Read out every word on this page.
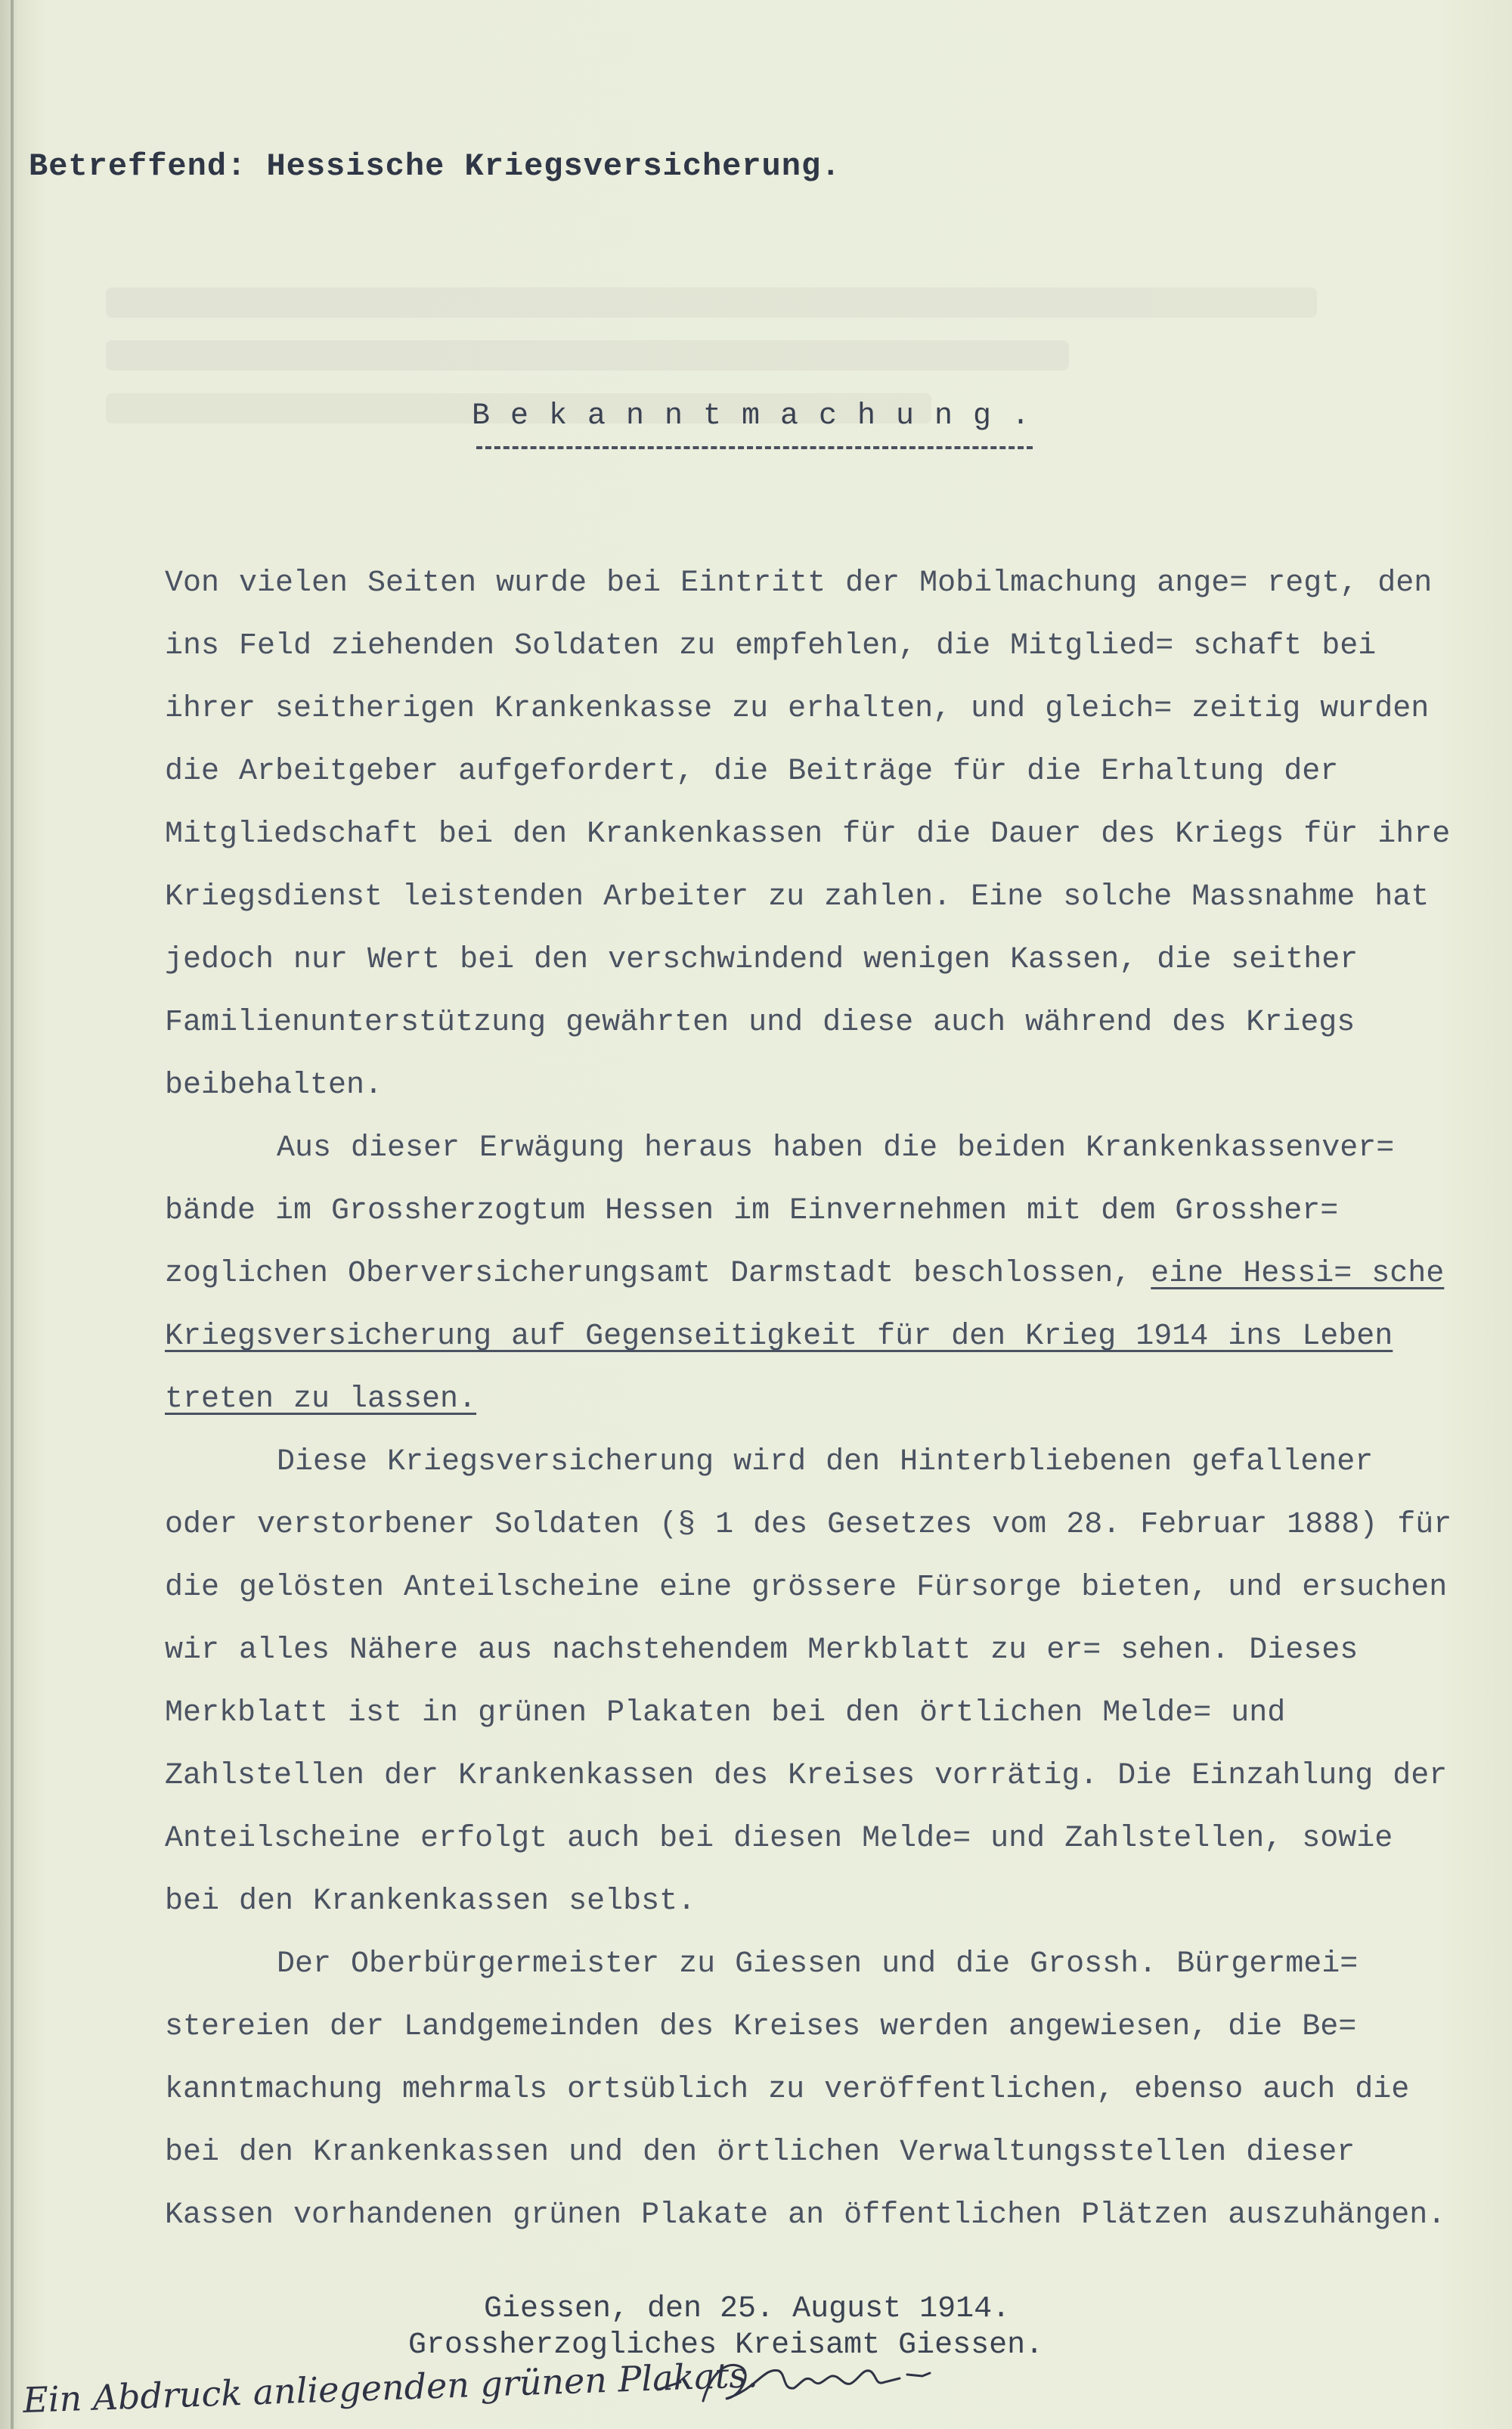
Betreffend: Hessische Kriegsversicherung.
Bekanntmachung.

Von vielen Seiten wurde bei Eintritt der Mobilmachung ange= regt, den ins Feld ziehenden Soldaten zu empfehlen, die Mitglied= schaft bei ihrer seitherigen Krankenkasse zu erhalten, und gleich= zeitig wurden die Arbeitgeber aufgefordert, die Beiträge für die Erhaltung der Mitgliedschaft bei den Krankenkassen für die Dauer des Kriegs für ihre Kriegsdienst leistenden Arbeiter zu zahlen. Eine solche Massnahme hat jedoch nur Wert bei den verschwindend wenigen Kassen, die seither Familienunterstützung gewährten und diese auch während des Kriegs beibehalten.

Aus dieser Erwägung heraus haben die beiden Krankenkassenver= bände im Grossherzogtum Hessen im Einvernehmen mit dem Grossher= zoglichen Oberversicherungsamt Darmstadt beschlossen, eine Hessi= sche Kriegsversicherung auf Gegenseitigkeit für den Krieg 1914 ins Leben treten zu lassen.

Diese Kriegsversicherung wird den Hinterbliebenen gefallener oder verstorbener Soldaten (§ 1 des Gesetzes vom 28. Februar 1888) für die gelösten Anteilscheine eine grössere Fürsorge bieten, und ersuchen wir alles Nähere aus nachstehendem Merkblatt zu er= sehen. Dieses Merkblatt ist in grünen Plakaten bei den örtlichen Melde= und Zahlstellen der Krankenkassen des Kreises vorrätig. Die Einzahlung der Anteilscheine erfolgt auch bei diesen Melde= und Zahlstellen, sowie bei den Krankenkassen selbst.

Der Oberbürgermeister zu Giessen und die Grossh. Bürgermei= stereien der Landgemeinden des Kreises werden angewiesen, die Be= kanntmachung mehrmals ortsüblich zu veröffentlichen, ebenso auch die bei den Krankenkassen und den örtlichen Verwaltungsstellen dieser Kassen vorhandenen grünen Plakate an öffentlichen Plätzen auszuhängen.

Giessen, den 25. August 1914.
Grossherzogliches Kreisamt Giessen.
Ein Abdruck anliegenden grünen Plakats.
